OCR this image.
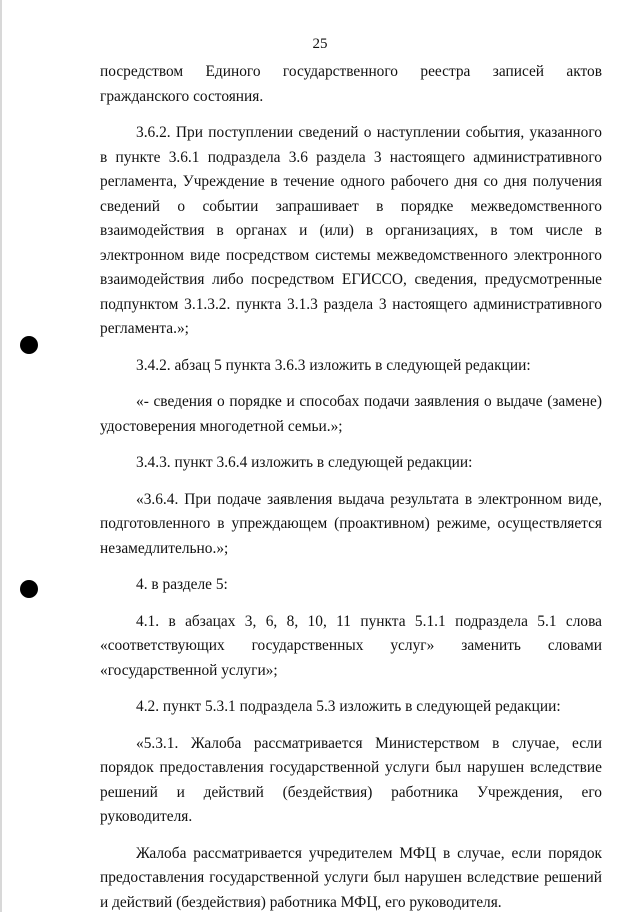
25

посредством Единого государственного реестра записей актов гражданского состояния.

3.6.2. При поступлении сведений о наступлении события, указанного в пункте 3.6.1 подраздела 3.6 раздела 3 настоящего административного регламента, Учреждение в течение одного рабочего дня со дня получения сведений о событии запрашивает в порядке межведомственного взаимодействия в органах и (или) в организациях, в том числе в электронном виде посредством системы межведомственного электронного взаимодействия либо посредством ЕГИССО, сведения, предусмотренные подпунктом 3.1.3.2. пункта 3.1.3 раздела 3 настоящего административного регламента.»;

3.4.2. абзац 5 пункта 3.6.3 изложить в следующей редакции:

«- сведения о порядке и способах подачи заявления о выдаче (замене) удостоверения многодетной семьи.»;

3.4.3. пункт 3.6.4 изложить в следующей редакции:

«3.6.4. При подаче заявления выдача результата в электронном виде, подготовленного в упреждающем (проактивном) режиме, осуществляется незамедлительно.»;

4. в разделе 5:

4.1. в абзацах 3, 6, 8, 10, 11 пункта 5.1.1 подраздела 5.1 слова «соответствующих государственных услуг» заменить словами «государственной услуги»;

4.2. пункт 5.3.1 подраздела 5.3 изложить в следующей редакции:

«5.3.1. Жалоба рассматривается Министерством в случае, если порядок предоставления государственной услуги был нарушен вследствие решений и действий (бездействия) работника Учреждения, его руководителя.

Жалоба рассматривается учредителем МФЦ в случае, если порядок предоставления государственной услуги был нарушен вследствие решений и действий (бездействия) работника МФЦ, его руководителя.
